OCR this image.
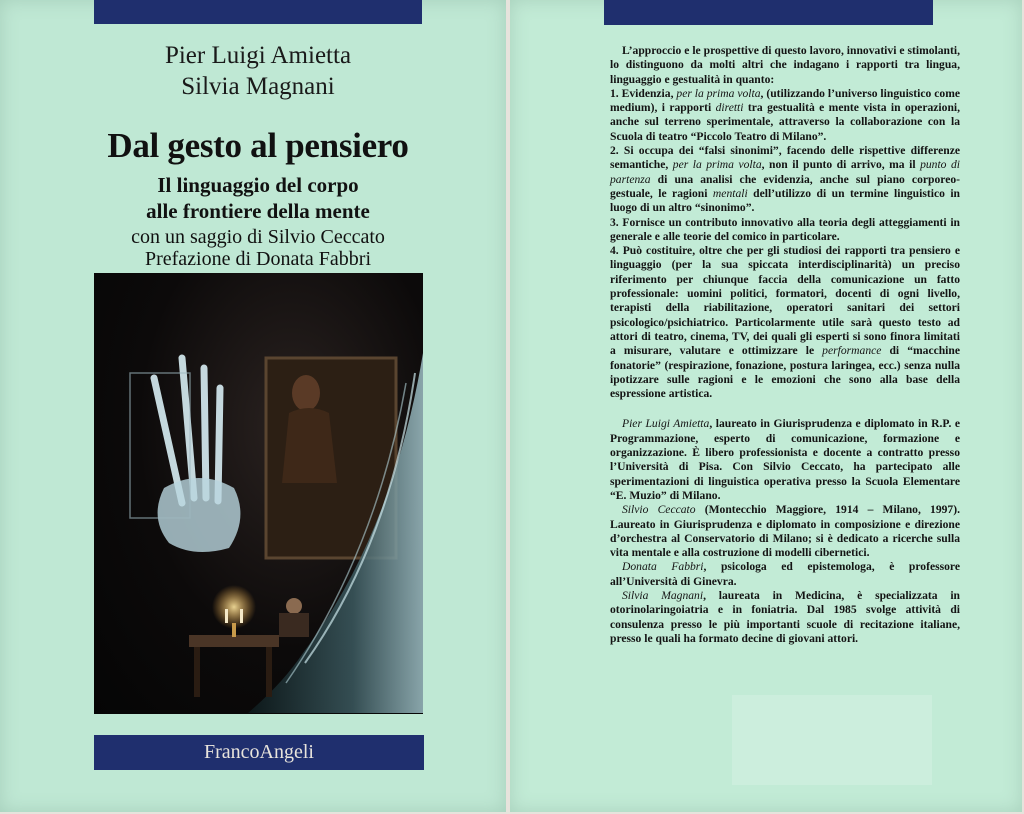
Pier Luigi Amietta
Silvia Magnani
Dal gesto al pensiero
Il linguaggio del corpo
alle frontiere della mente
con un saggio di Silvio Ceccato
Prefazione di Donata Fabbri
FrancoAngeli

L’approccio e le prospettive di questo lavoro, innovativi e stimolanti, lo distinguono da molti altri che indagano i rapporti tra lingua, linguaggio e gestualità in quanto:

1. Evidenzia, per la prima volta, (utilizzando l’universo linguistico come medium), i rapporti diretti tra gestualità e mente vista in operazioni, anche sul terreno sperimentale, attraverso la collaborazione con la Scuola di teatro “Piccolo Teatro di Milano”.

2. Si occupa dei “falsi sinonimi”, facendo delle rispettive differenze semantiche, per la prima volta, non il punto di arrivo, ma il punto di partenza di una analisi che evidenzia, anche sul piano corporeo-gestuale, le ragioni mentali dell’utilizzo di un termine linguistico in luogo di un altro “sinonimo”.

3. Fornisce un contributo innovativo alla teoria degli atteggiamenti in generale e alle teorie del comico in particolare.

4. Può costituire, oltre che per gli studiosi dei rapporti tra pensiero e linguaggio (per la sua spiccata interdisciplinarità) un preciso riferimento per chiunque faccia della comunicazione un fatto professionale: uomini politici, formatori, docenti di ogni livello, terapisti della riabilitazione, operatori sanitari dei settori psicologico/psichiatrico. Particolarmente utile sarà questo testo ad attori di teatro, cinema, TV, dei quali gli esperti si sono finora limitati a misurare, valutare e ottimizzare le performance di “macchine fonatorie” (respirazione, fonazione, postura laringea, ecc.) senza nulla ipotizzare sulle ragioni e le emozioni che sono alla base della espressione artistica.

Pier Luigi Amietta, laureato in Giurisprudenza e diplomato in R.P. e Programmazione, esperto di comunicazione, formazione e organizzazione. È libero professionista e docente a contratto presso l’Università di Pisa. Con Silvio Ceccato, ha partecipato alle sperimentazioni di linguistica operativa presso la Scuola Elementare “E. Muzio” di Milano.

Silvio Ceccato (Montecchio Maggiore, 1914 – Milano, 1997). Laureato in Giurisprudenza e diplomato in composizione e direzione d’orchestra al Conservatorio di Milano; si è dedicato a ricerche sulla vita mentale e alla costruzione di modelli cibernetici.

Donata Fabbri, psicologa ed epistemologa, è professore all’Università di Ginevra.

Silvia Magnani, laureata in Medicina, è specializzata in otorinolaringoiatria e in foniatria. Dal 1985 svolge attività di consulenza presso le più importanti scuole di recitazione italiane, presso le quali ha formato decine di giovani attori.
